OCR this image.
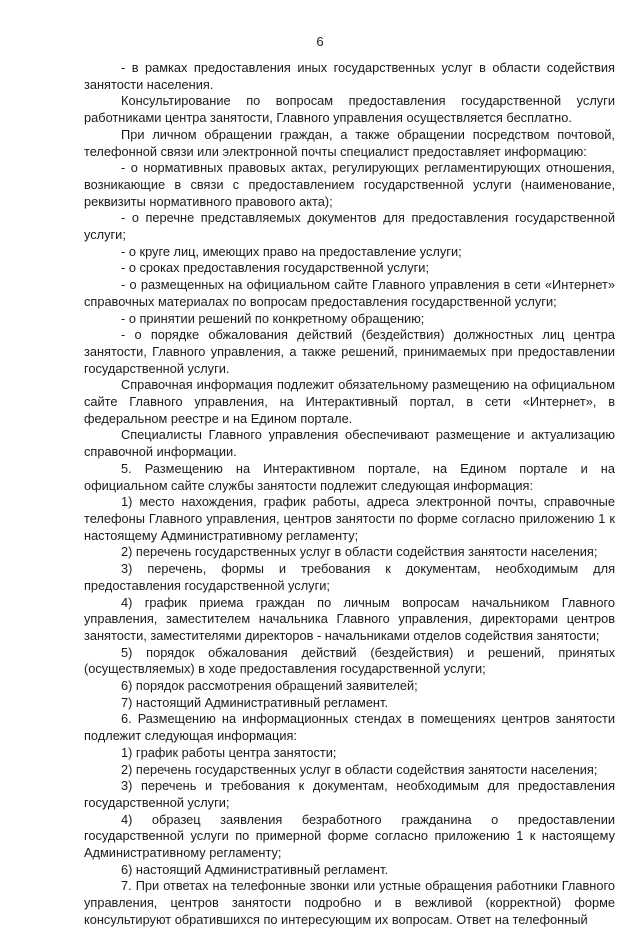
6

- в рамках предоставления иных государственных услуг в области содействия занятости населения.

Консультирование по вопросам предоставления государственной услуги работниками центра занятости, Главного управления осуществляется бесплатно.

При личном обращении граждан, а также обращении посредством почтовой, телефонной связи или электронной почты специалист предоставляет информацию:

- о нормативных правовых актах, регулирующих регламентирующих отношения, возникающие в связи с предоставлением государственной услуги (наименование, реквизиты нормативного правового акта);

- о перечне представляемых документов для предоставления государственной услуги;

- о круге лиц, имеющих право на предоставление услуги;

- о сроках предоставления государственной услуги;

- о размещенных на официальном сайте Главного управления в сети «Интернет» справочных материалах по вопросам предоставления государственной услуги;

- о принятии решений по конкретному обращению;

- о порядке обжалования действий (бездействия) должностных лиц центра занятости, Главного управления, а также решений, принимаемых при предоставлении государственной услуги.

Справочная информация подлежит обязательному размещению на официальном сайте Главного управления, на Интерактивный портал, в сети «Интернет», в федеральном реестре и на Едином портале.

Специалисты Главного управления обеспечивают размещение и актуализацию справочной информации.

5. Размещению на Интерактивном портале, на Едином портале и на официальном сайте службы занятости подлежит следующая информация:

1) место нахождения, график работы, адреса электронной почты, справочные телефоны Главного управления, центров занятости по форме согласно приложению 1 к настоящему Административному регламенту;

2) перечень государственных услуг в области содействия занятости населения;

3) перечень, формы и требования к документам, необходимым для предоставления государственной услуги;

4) график приема граждан по личным вопросам начальником Главного управления, заместителем начальника Главного управления, директорами центров занятости, заместителями директоров - начальниками отделов содействия занятости;

5) порядок обжалования действий (бездействия) и решений, принятых (осуществляемых) в ходе предоставления государственной услуги;

6) порядок рассмотрения обращений заявителей;

7) настоящий Административный регламент.

6. Размещению на информационных стендах в помещениях центров занятости подлежит следующая информация:

1) график работы центра занятости;

2) перечень государственных услуг в области содействия занятости населения;

3) перечень и требования к документам, необходимым для предоставления государственной услуги;

4) образец заявления безработного гражданина о предоставлении государственной услуги по примерной форме согласно приложению 1 к настоящему Административному регламенту;

6) настоящий Административный регламент.

7. При ответах на телефонные звонки или устные обращения работники Главного управления, центров занятости подробно и в вежливой (корректной) форме консультируют обратившихся по интересующим их вопросам. Ответ на телефонный
